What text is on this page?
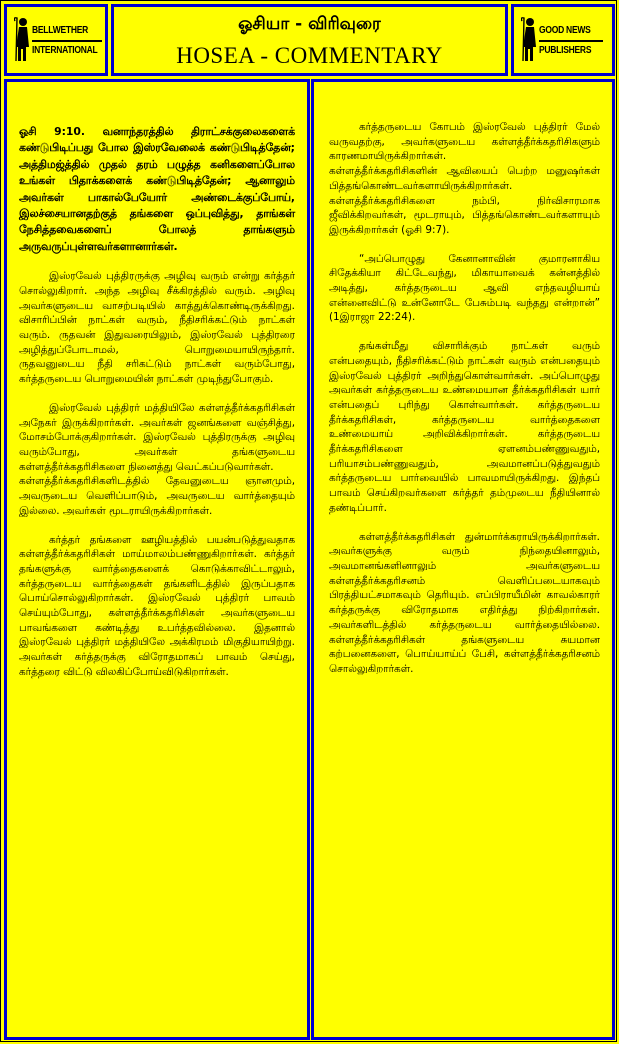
BELLWETHER
INTERNATIONAL
ஓசியா - விரிவுரை
HOSEA - COMMENTARY
GOOD NEWS
PUBLISHERS

ஓசி 9:10. வனாந்தரத்தில் திராட்சக்குலைகளைக் கண்டுபிடிப்பது போல இஸ்ரவேலைக் கண்டுபிடித்தேன்; அத்திமஜ்த்தில் முதல் தரம் பழுத்த கனிகளைப்போல உங்கள் பிதாக்களைக் கண்டுபிடித்தேன்; ஆனாலும் அவர்கள் பாகால்பேயோர் அண்டைக்குப்போய், இலச்சையானதற்குத் தங்களை ஒப்புவித்து, தாங்கள் நேசித்தவைகளைப் போலத் தாங்களும் அருவருப்புள்ளவர்களானார்கள்.

இஸ்ரவேல் புத்திரருக்கு அழிவு வரும் என்று கர்த்தர் சொல்லுகிறார். அந்த அழிவு சீக்கிரத்தில் வரும். அழிவு அவர்களுடைய வாசற்படியில் காத்துக்கொண்டிருக்கிறது. விசாரிப்பின் நாட்கள் வரும், நீதிசரிக்கட்டும் நாட்கள் வரும். ருதவன் இதுவரையிலும், இஸ்ரவேல் புத்திரரை அழித்துப்போடாமல், பொறுமையாயிருந்தார். ருதவனுடைய நீதி சரிகட்டும் நாட்கள் வரும்போது, கர்த்தருடைய பொறுமையின் நாட்கள் முடிந்துபோகும்.

இஸ்ரவேல் புத்திரர் மத்தியிலே கள்ளத்தீர்க்கதரிசிகள் அநேகர் இருக்கிறார்கள். அவர்கள் ஜனங்களை வஞ்சித்து, மோசம்போக்குகிறார்கள். இஸ்ரவேல் புத்திரருக்கு அழிவு வரும்போது, அவர்கள் தங்களுடைய கள்ளத்தீர்க்கதரிசிகளை நினைத்து வெட்கப்படுவார்கள்.

கள்ளத்தீர்க்கதரிசிகளிடத்தில் தேவனுடைய ஞானமும், அவருடைய வெளிப்பாடும், அவருடைய வார்த்தையும் இல்லை. அவர்கள் மூடராயிருக்கிறார்கள்.

கர்த்தர் தங்களை ஊழியத்தில் பயன்படுத்துவதாக கள்ளத்தீர்க்கதரிசிகள் மாய்மாலம்பண்ணுகிறார்கள். கர்த்தர் தங்களுக்கு வார்த்தைகளைக் கொடுக்காவிட்டாலும், கர்த்தருடைய வார்த்தைகள் தங்களிடத்தில் இருப்பதாக பொய்சொல்லுகிறார்கள். இஸ்ரவேல் புத்திரர் பாவம் செய்யும்போது, கள்ளத்தீர்க்கதரிசிகள் அவர்களுடைய பாவங்களை கண்டித்து உபர்த்தவில்லை. இதனால் இஸ்ரவேல் புத்திரர் மத்தியிலே அக்கிரமம் மிகுதியாயிற்று. அவர்கள் கர்த்தருக்கு விரோதமாகப் பாவம் செய்து, கர்த்தரை விட்டு விலகிப்போய்விடுகிறார்கள்.

கர்த்தருடைய கோபம் இஸ்ரவேல் புத்திரர் மேல் வருவதற்கு, அவர்களுடைய கள்ளத்தீர்க்கதரிசிகளும் காரணமாயிருக்கிறார்கள்.

கள்ளத்தீர்க்கதரிசிகளின் ஆவியைப் பெற்ற மனுஷர்கள் பித்தங்கொண்டவர்களாயிருக்கிறார்கள். கள்ளத்தீர்க்கதரிசிகளை நம்பி, நிர்விசாரமாக ஜீவிக்கிறவர்கள், மூடராயும், பித்தங்கொண்டவர்களாயும் இருக்கிறார்கள் (ஓசி 9:7).

“அப்பொழுது கேனானாவின் குமாரனாகிய சிதேக்கியா கிட்டேவந்து, மிகாயாவைக் கன்னத்தில் அடித்து, கர்த்தருடைய ஆவி எந்தவழியாய் என்னைவிட்டு உன்னோடே பேசும்படி வந்தது என்றான்” (1இராஜா 22:24).

தங்கள்மீது விசாரிக்கும் நாட்கள் வரும் என்பதையும், நீதிசரிக்கட்டும் நாட்கள் வரும் என்பதையும் இஸ்ரவேல் புத்திரர் அறிந்துகொள்வார்கள். அப்பொழுது அவர்கள் கர்த்தருடைய உண்மையான தீர்க்கதரிசிகள் யார் என்பதைப் புரிந்து கொள்வார்கள். கர்த்தருடைய தீர்க்கதரிசிகள், கர்த்தருடைய வார்த்தைகளை உண்மையாய் அறிவிக்கிறார்கள். கர்த்தருடைய தீர்க்கதரிசிகளை ஏளனம்பண்ணுவதும், பரியாசம்பண்ணுவதும், அவமானப்படுத்துவதும் கர்த்தருடைய பார்வையில் பாவமாயிருக்கிறது. இந்தப் பாவம் செய்கிறவர்களை கர்த்தர் தம்முடைய நீதியினால் தண்டிப்பார்.

கள்ளத்தீர்க்கதரிசிகள் துன்மார்க்கராயிருக்கிறார்கள். அவர்களுக்கு வரும் நிந்தையினாலும், அவமானங்களினாலும் அவர்களுடைய கள்ளத்தீர்க்கதரிசனம் வெளிப்படையாகவும் பிரத்தியட்சமாகவும் தெரியும். எப்பிராயீமின் காவல்காரர் கர்த்தருக்கு விரோதமாக எதிர்த்து நிற்கிறார்கள். அவர்களிடத்தில் கர்த்தருடைய வார்த்தையில்லை. கள்ளத்தீர்க்கதரிசிகள் தங்களுடைய சுயமான கற்பனைகளை, பொய்யாய்ப் பேசி, கள்ளத்தீர்க்கதரிசனம் சொல்லுகிறார்கள்.
